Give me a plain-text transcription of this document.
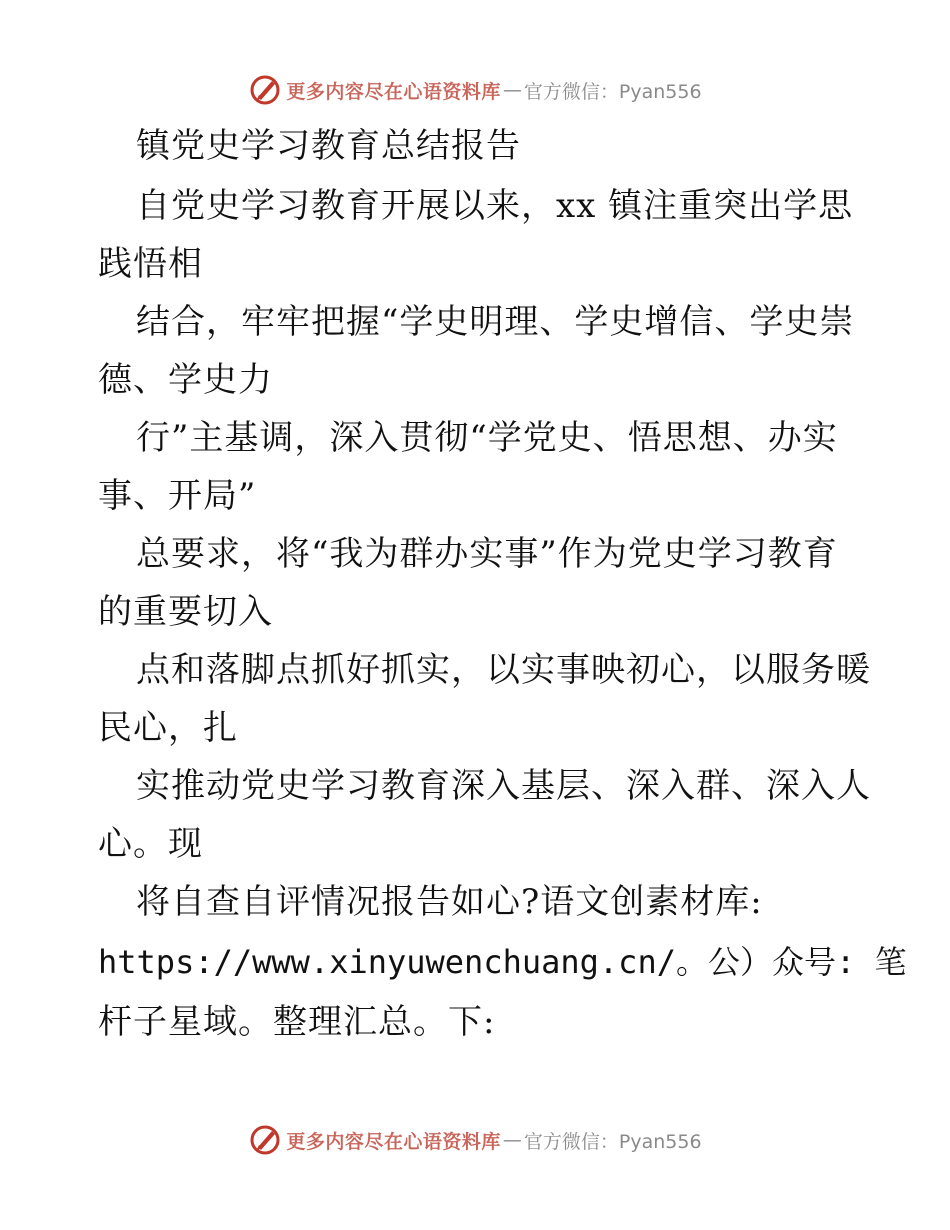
更多内容尽在心语资料库 — 官方微信：Pyan556
镇党史学习教育总结报告
自党史学习教育开展以来，xx 镇注重突出学思
践悟相
结合，牢牢把握“学史明理、学史增信、学史崇
德、学史力
行”主基调，深入贯彻“学党史、悟思想、办实
事、开局”
总要求，将“我为群办实事”作为党史学习教育
的重要切入
点和落脚点抓好抓实，以实事映初心，以服务暖
民心，扎
实推动党史学习教育深入基层、深入群、深入人
心。现
将自查自评情况报告如心?语文创素材库:
https://www.xinyuwenchuang.cn/。公）众号: 笔
杆子星域。整理汇总。下:
更多内容尽在心语资料库 — 官方微信：Pyan556
